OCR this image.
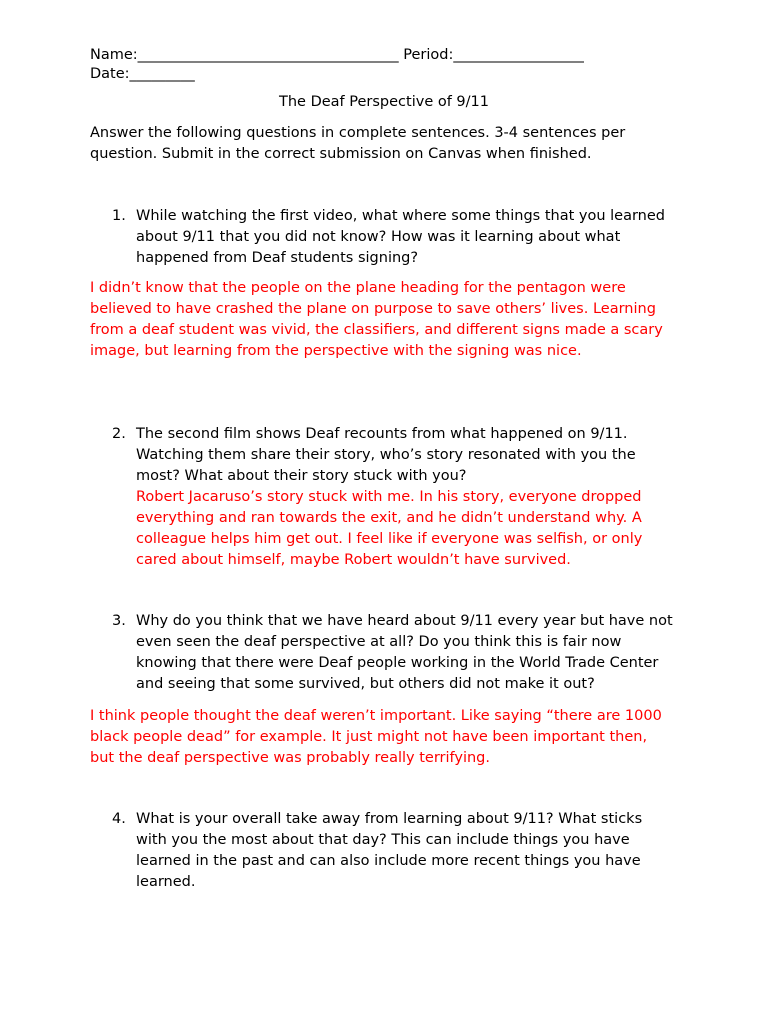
Name:____________________________________ Period:__________________
Date:_________
The Deaf Perspective of 9/11
Answer the following questions in complete sentences. 3-4 sentences per question. Submit in the correct submission on Canvas when finished.
1. While watching the first video, what where some things that you learned about 9/11 that you did not know? How was it learning about what happened from Deaf students signing?
I didn’t know that the people on the plane heading for the pentagon were believed to have crashed the plane on purpose to save others’ lives. Learning from a deaf student was vivid, the classifiers, and different signs made a scary image, but learning from the perspective with the signing was nice.
2. The second film shows Deaf recounts from what happened on 9/11. Watching them share their story, who’s story resonated with you the most? What about their story stuck with you?
Robert Jacaruso’s story stuck with me. In his story, everyone dropped everything and ran towards the exit, and he didn’t understand why. A colleague helps him get out. I feel like if everyone was selfish, or only cared about himself, maybe Robert wouldn’t have survived.
3. Why do you think that we have heard about 9/11 every year but have not even seen the deaf perspective at all? Do you think this is fair now knowing that there were Deaf people working in the World Trade Center and seeing that some survived, but others did not make it out?
I think people thought the deaf weren’t important. Like saying “there are 1000 black people dead” for example. It just might not have been important then, but the deaf perspective was probably really terrifying.
4. What is your overall take away from learning about 9/11? What sticks with you the most about that day? This can include things you have learned in the past and can also include more recent things you have learned.
